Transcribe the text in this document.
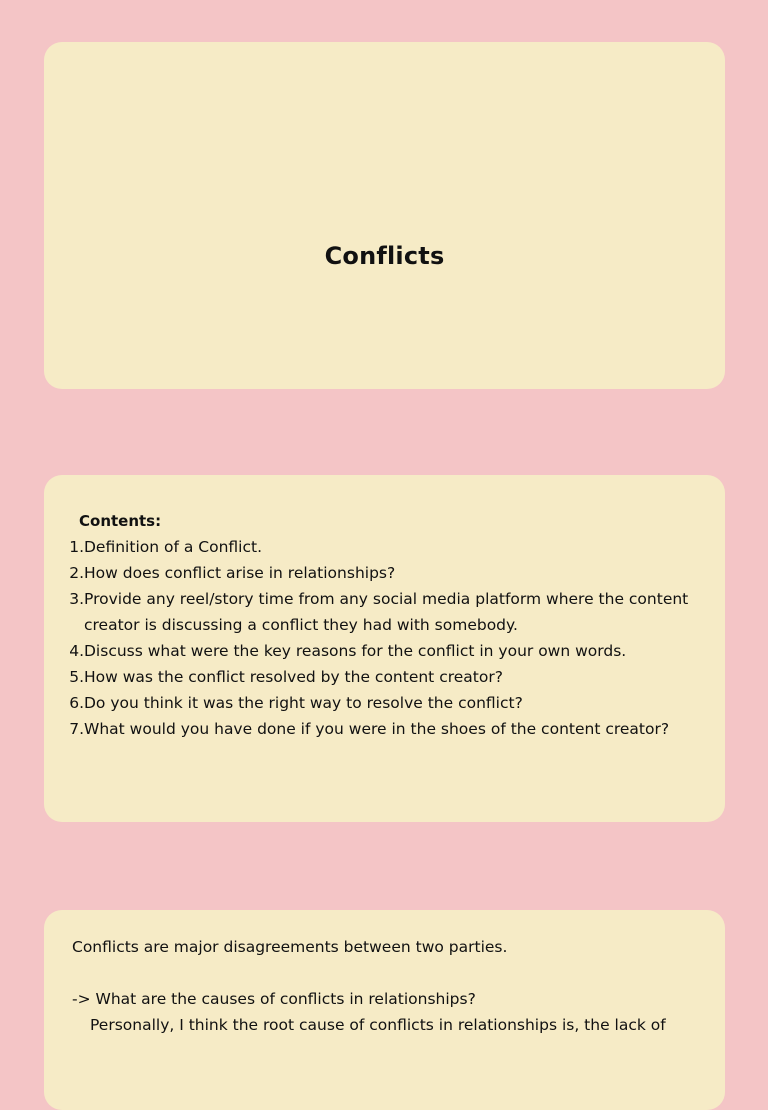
Conflicts
Contents:
1. Definition of a Conflict.
2. How does conflict arise in relationships?
3. Provide any reel/story time from any social media platform where the content creator is discussing a conflict they had with somebody.
4. Discuss what were the key reasons for the conflict in your own words.
5. How was the conflict resolved by the content creator?
6. Do you think it was the right way to resolve the conflict?
7. What would you have done if you were in the shoes of the content creator?
Conflicts are major disagreements between two parties.
-> What are the causes of conflicts in relationships?
Personally, I think the root cause of conflicts in relationships is, the lack of
